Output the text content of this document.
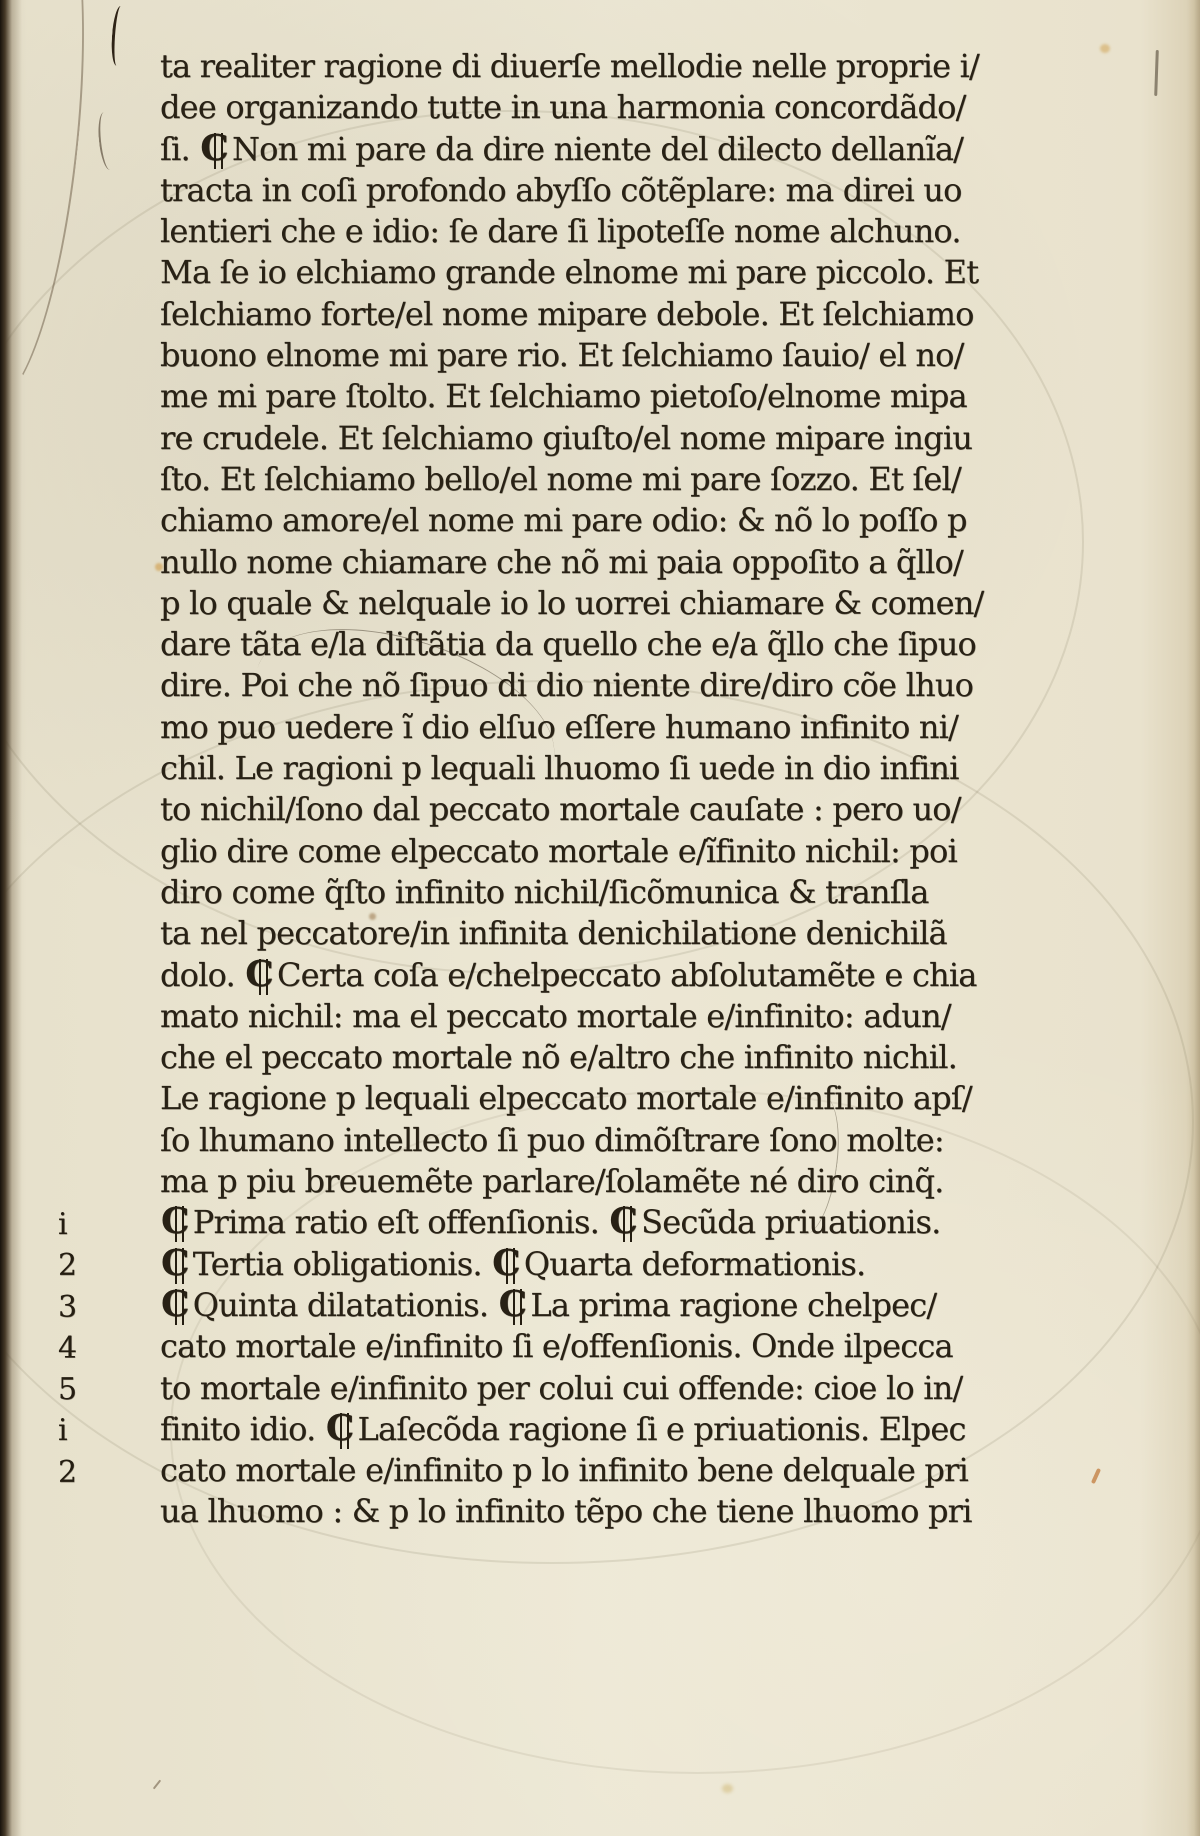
i
2
3
4
5
i
2
ta realiter ragione di diuerſe mellodie nelle proprie i/
dee organizando tutte in una harmonia concordãdo/
ſi. C Non mi pare da dire niente del dilecto dellanĩa/
tracta in coſi profondo abyſſo cõtẽplare: ma direi uo
lentieri che e idio: ſe dare ſi lipoteſſe nome alchuno.
Ma ſe io elchiamo grande elnome mi pare piccolo. Et
ſelchiamo forte/el nome mipare debole. Et ſelchiamo
buono elnome mi pare rio. Et ſelchiamo ſauio/ el no/
me mi pare ſtolto. Et ſelchiamo pietoſo/elnome mipa
re crudele. Et ſelchiamo giuſto/el nome mipare ingiu
ſto. Et ſelchiamo bello/el nome mi pare ſozzo. Et ſel/
chiamo amore/el nome mi pare odio: & nõ lo poſſo p
nullo nome chiamare che nõ mi paia oppoſito a q̃llo/
p lo quale & nelquale io lo uorrei chiamare & comen/
dare tãta e/la diſtãtia da quello che e/a q̃llo che ſipuo
dire. Poi che nõ ſipuo di dio niente dire/diro cõe lhuo
mo puo uedere ĩ dio elſuo eſſere humano infinito ni/
chil. Le ragioni p lequali lhuomo ſi uede in dio infini
to nichil/ſono dal peccato mortale cauſate : pero uo/
glio dire come elpeccato mortale e/ĩfinito nichil: poi
diro come q̃ſto infinito nichil/ſicõmunica & tranſla
ta nel peccatore/in infinita denichilatione denichilã
dolo. C Certa coſa e/chelpeccato abſolutamẽte e chia
mato nichil: ma el peccato mortale e/infinito: adun/
che el peccato mortale nõ e/altro che infinito nichil.
Le ragione p lequali elpeccato mortale e/infinito apſ/
ſo lhumano intellecto ſi puo dimõſtrare ſono molte:
ma p piu breuemẽte parlare/ſolamẽte né diro cinq̃.
C Prima ratio eſt offenſionis. C Secũda priuationis.
C Tertia obligationis. C Quarta deformationis.
C Quinta dilatationis. C La prima ragione chelpec/
cato mortale e/infinito ſi e/offenſionis. Onde ilpecca
to mortale e/infinito per colui cui offende: cioe lo in/
finito idio. C Laſecõda ragione ſi e priuationis. Elpec
cato mortale e/infinito p lo infinito bene delquale pri
ua lhuomo : & p lo infinito tẽpo che tiene lhuomo pri
